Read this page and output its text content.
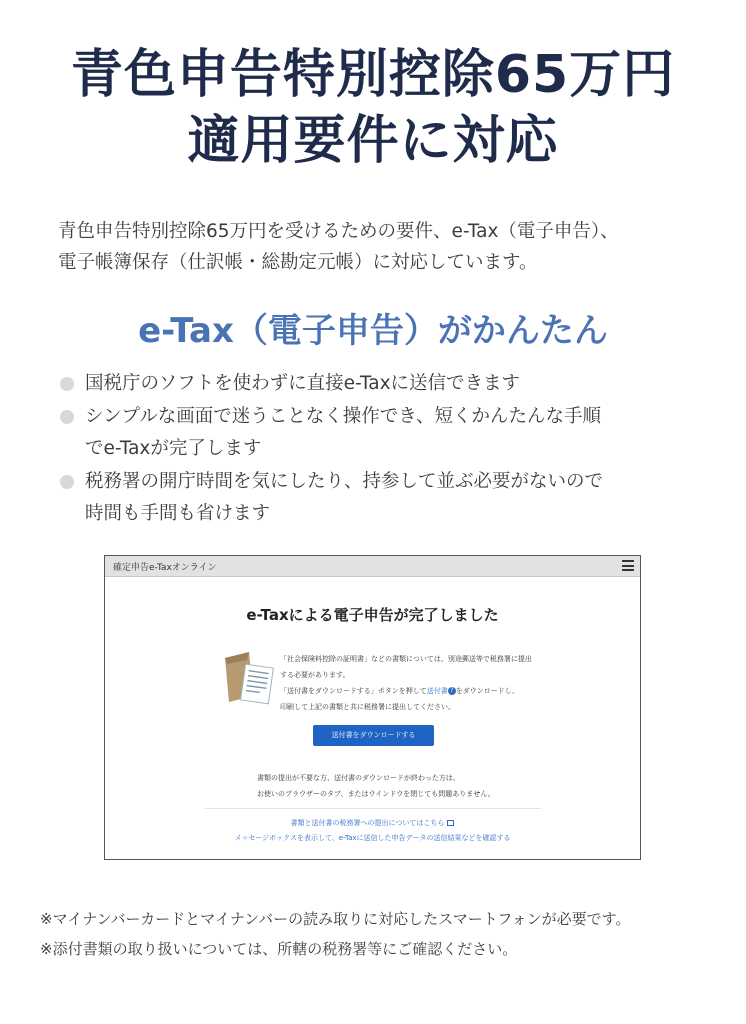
青色申告特別控除65万円
適用要件に対応
青色申告特別控除65万円を受けるための要件、e-Tax（電子申告）、
電子帳簿保存（仕訳帳・総勘定元帳）に対応しています。
e-Tax（電子申告）がかんたん
国税庁のソフトを使わずに直接e-Taxに送信できます
シンプルな画面で迷うことなく操作でき、短くかんたんな手順
でe-Taxが完了します
税務署の開庁時間を気にしたり、持参して並ぶ必要がないので
時間も手間も省けます
確定申告e-Taxオンライン
e-Taxによる電子申告が完了しました
「社会保険料控除の証明書」などの書類については、別途郵送等で税務署に提出
する必要があります。
「送付書をダウンロードする」ボタンを押して送付書 ? をダウンロードし、
印刷して上記の書類と共に税務署に提出してください。
送付書をダウンロードする
書類の提出が不要な方、送付書のダウンロードが終わった方は、
お使いのブラウザーのタブ、またはウインドウを閉じても問題ありません。
書類と送付書の税務署への提出についてはこちら
メッセージボックスを表示して、e-Taxに送信した申告データの送信結果などを確認する
※マイナンバーカードとマイナンバーの読み取りに対応したスマートフォンが必要です。
※添付書類の取り扱いについては、所轄の税務署等にご確認ください。
